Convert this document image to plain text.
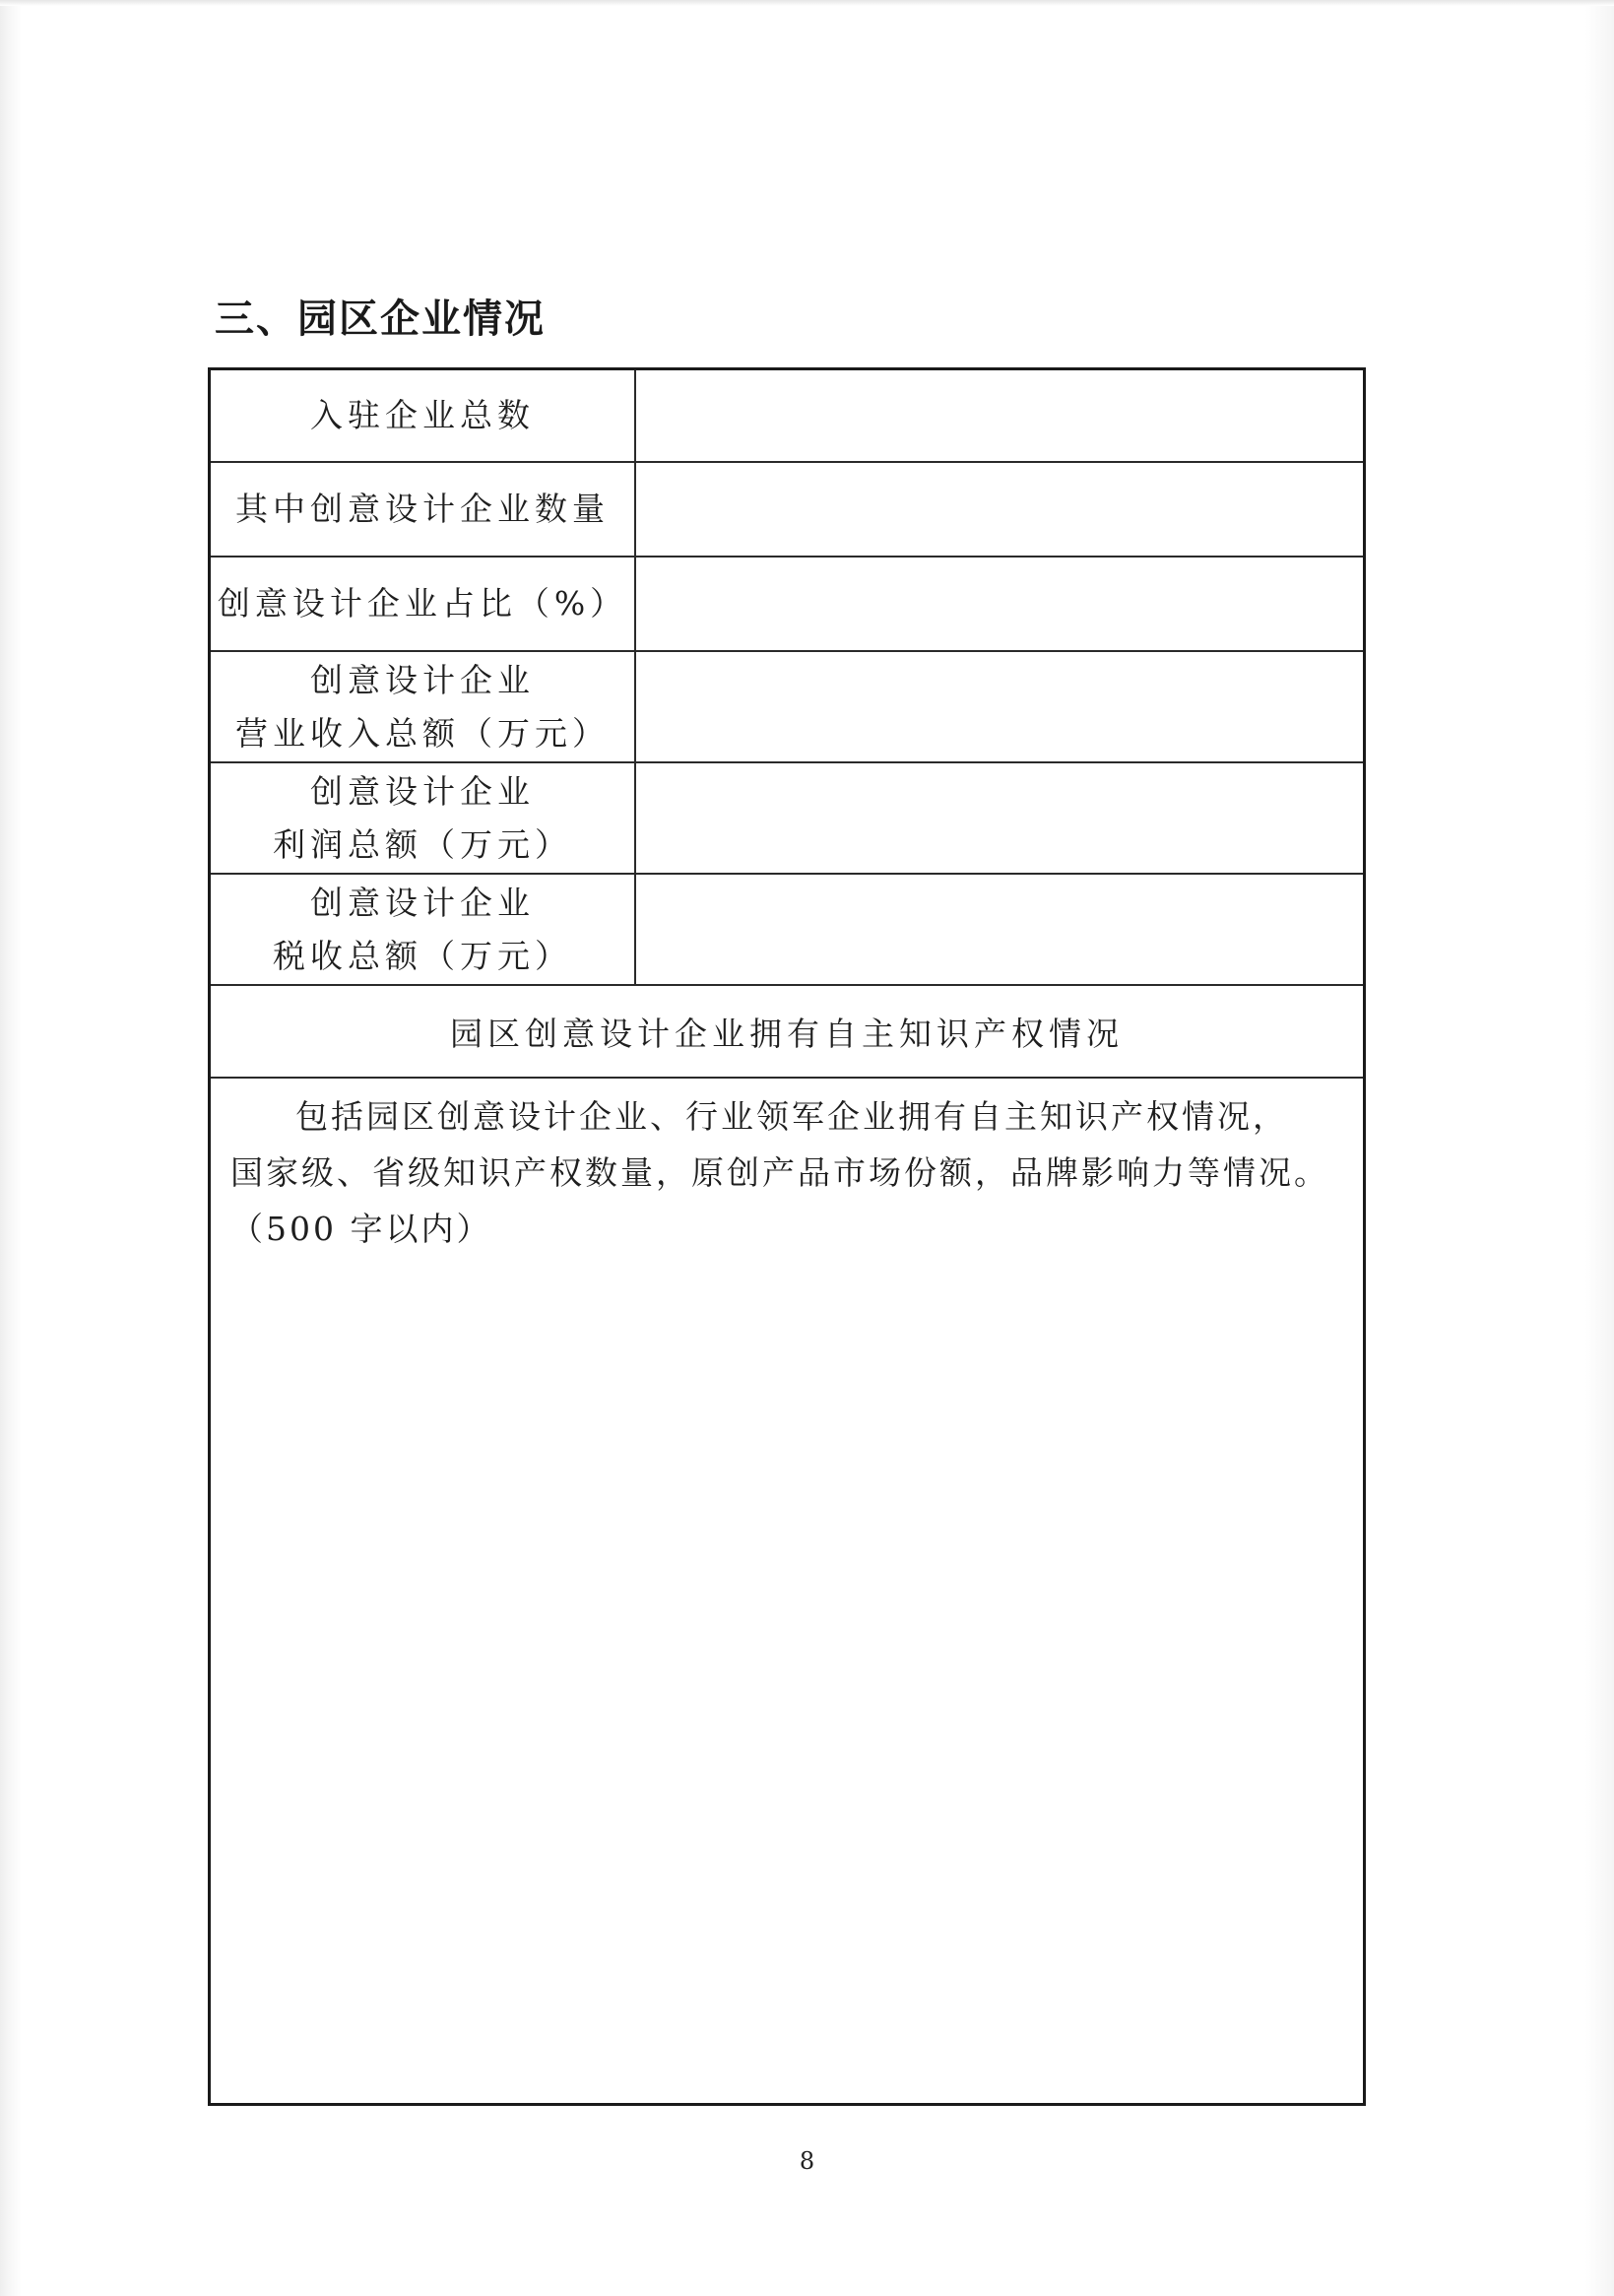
三、园区企业情况
入驻企业总数
其中创意设计企业数量
创意设计企业占比（%）
创意设计企业
营业收入总额（万元）
创意设计企业
利润总额（万元）
创意设计企业
税收总额（万元）
园区创意设计企业拥有自主知识产权情况
包括园区创意设计企业、行业领军企业拥有自主知识产权情况，
国家级、省级知识产权数量，原创产品市场份额，品牌影响力等情况。
（500 字以内）
8
